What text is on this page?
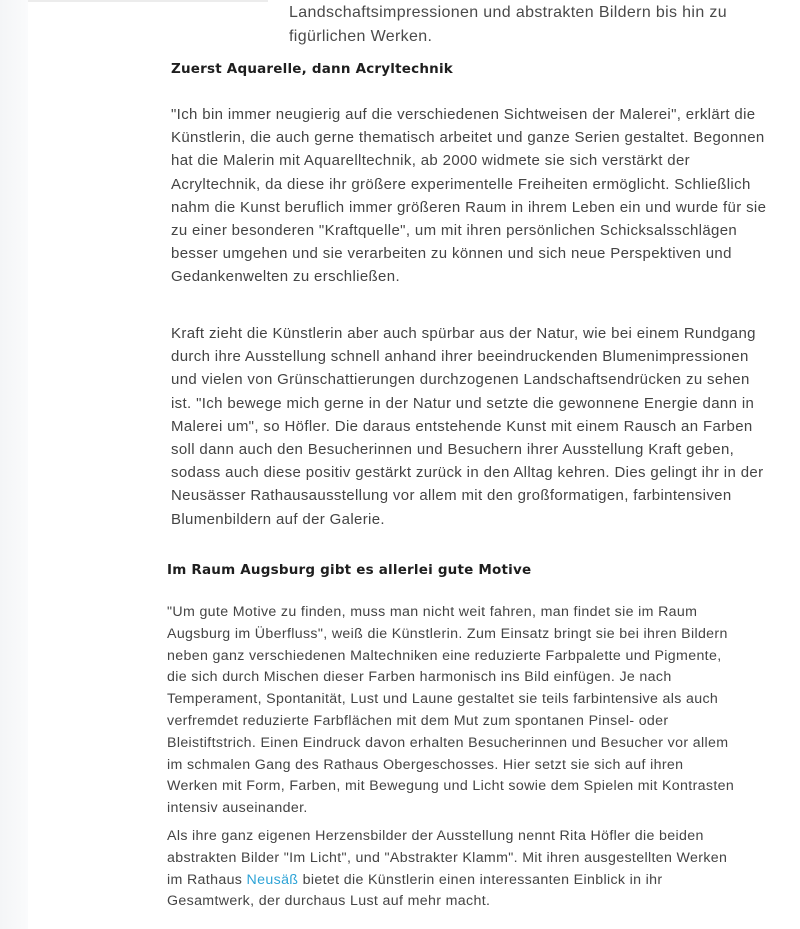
Landschaftsimpressionen und abstrakten Bildern bis hin zu figürlichen Werken.

Zuerst Aquarelle, dann Acryltechnik

"Ich bin immer neugierig auf die verschiedenen Sichtweisen der Malerei", erklärt die Künstlerin, die auch gerne thematisch arbeitet und ganze Serien gestaltet. Begonnen hat die Malerin mit Aquarelltechnik, ab 2000 widmete sie sich verstärkt der Acryltechnik, da diese ihr größere experimentelle Freiheiten ermöglicht. Schließlich nahm die Kunst beruflich immer größeren Raum in ihrem Leben ein und wurde für sie zu einer besonderen "Kraftquelle", um mit ihren persönlichen Schicksalsschlägen besser umgehen und sie verarbeiten zu können und sich neue Perspektiven und Gedankenwelten zu erschließen.

Kraft zieht die Künstlerin aber auch spürbar aus der Natur, wie bei einem Rundgang durch ihre Ausstellung schnell anhand ihrer beeindruckenden Blumenimpressionen und vielen von Grünschattierungen durchzogenen Landschaftsendrücken zu sehen ist. "Ich bewege mich gerne in der Natur und setzte die gewonnene Energie dann in Malerei um", so Höfler. Die daraus entstehende Kunst mit einem Rausch an Farben soll dann auch den Besucherinnen und Besuchern ihrer Ausstellung Kraft geben, sodass auch diese positiv gestärkt zurück in den Alltag kehren. Dies gelingt ihr in der Neusässer Rathausausstellung vor allem mit den großformatigen, farbintensiven Blumenbildern auf der Galerie.

Im Raum Augsburg gibt es allerlei gute Motive

"Um gute Motive zu finden, muss man nicht weit fahren, man findet sie im Raum Augsburg im Überfluss", weiß die Künstlerin. Zum Einsatz bringt sie bei ihren Bildern neben ganz verschiedenen Maltechniken eine reduzierte Farbpalette und Pigmente, die sich durch Mischen dieser Farben harmonisch ins Bild einfügen. Je nach Temperament, Spontanität, Lust und Laune gestaltet sie teils farbintensive als auch verfremdet reduzierte Farbflächen mit dem Mut zum spontanen Pinsel- oder Bleistiftstrich. Einen Eindruck davon erhalten Besucherinnen und Besucher vor allem im schmalen Gang des Rathaus Obergeschosses. Hier setzt sie sich auf ihren Werken mit Form, Farben, mit Bewegung und Licht sowie dem Spielen mit Kontrasten intensiv auseinander.

Als ihre ganz eigenen Herzensbilder der Ausstellung nennt Rita Höfler die beiden abstrakten Bilder "Im Licht", und "Abstrakter Klamm". Mit ihren ausgestellten Werken im Rathaus Neusäß bietet die Künstlerin einen interessanten Einblick in ihr Gesamtwerk, der durchaus Lust auf mehr macht.
